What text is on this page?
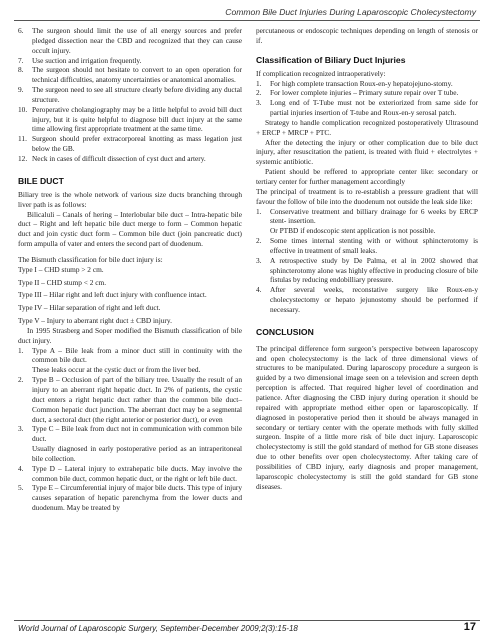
Common Bile Duct Injuries During Laparoscopic Cholecystectomy
6. The surgeon should limit the use of all energy sources and prefer pledged dissection near the CBD and recognized that they can cause occult injury.
7. Use suction and irrigation frequently.
8. The surgeon should not hesitate to convert to an open operation for technical difficulties, anatomy uncertainties or anatomical anomalies.
9. The surgeon need to see all structure clearly before dividing any ductal structure.
10. Peroperative cholangiography may be a little helpful to avoid bill duct injury, but it is quite helpful to diagnose bill duct injury at the same time allowing first appropriate treatment at the same time.
11. Surgeon should prefer extracorporeal knotting as mass legation just below the GB.
12. Neck in cases of difficult dissection of cyst duct and artery.
BILE DUCT

Biliary tree is the whole network of various size ducts branching through liver path is as follows:

Bilicaluli – Canals of hering – Interlobular bile duct – Intra-hepatic bile duct – Right and left hepatic bile duct merge to form – Common hepatic duct and join cystic duct form – Common bile duct (join pancreatic duct) form ampulla of vater and enters the second part of duodenum.

The Bismuth classification for bile duct injury is:

Type I – CHD stump > 2 cm.

Type II – CHD stump < 2 cm.

Type III – Hilar right and left duct injury with confluence intact.

Type IV – Hilar separation of right and left duct.

Type V – Injury to aberrant right duct ± CBD injury.

In 1995 Strasberg and Soper modified the Bismuth classification of bile duct injury.

1. Type A – Bile leak from a minor duct still in continuity with the common bile duct.
These leaks occur at the cystic duct or from the liver bed.
2. Type B – Occlusion of part of the biliary tree. Usually the result of an injury to an aberrant right hepatic duct. In 2% of patients, the cystic duct enters a right hepatic duct rather than the common bile duct–Common hepatic duct junction. The aberrant duct may be a segmental duct, a sectoral duct (the right anterior or posterior duct), or even
3. Type C – Bile leak from duct not in communication with common bile duct.
Usually diagnosed in early postoperative period as an intraperitoneal bile collection.
4. Type D – Lateral injury to extrahepatic bile ducts. May involve the common bile duct, common hepatic duct, or the right or left bile duct.
5. Type E – Circumferential injury of major bile ducts. This type of injury causes separation of hepatic parenchyma from the lower ducts and duodenum. May be treated by

percutaneous or endoscopic techniques depending on length of stenosis or if.

Classification of Biliary Duct Injuries

If complication recognized intraoperatively:

1. For high complete transaction Roux-en-y hepatojejuno-stomy.
2. For lower complete injuries – Primary suture repair over T tube.
3. Long end of T-Tube must not be exteriorized from same side for partial injuries insertion of T-tube and Roux-en-y serosal patch.

Strategy to handle complication recognized postoperatively Ultrasound + ERCP + MRCP + PTC.

After the detecting the injury or other complication due to bile duct injury, after resuscitation the patient, is treated with fluid + electrolytes + systemic antibiotic.

Patient should be reffered to appropriate center like: secondary or tertiary center for further management accordingly

The principal of treatment is to re-establish a pressure gradient that will favour the follow of bile into the duodenum not outside the leak side like:

1. Conservative treatment and billiary drainage for 6 weeks by ERCP stent- insertion.
Or PTBD if endoscopic stent application is not possible.
2. Some times internal stenting with or without sphincterotomy is effective in treatment of small leaks.
3. A retrospective study by De Palma, et al in 2002 showed that sphincterotomy alone was highly effective in producing closure of bile fistulas by reducing endobilliary pressure.
4. After several weeks, reconstative surgery like Roux-en-y cholecystectomy or hepato jejunostomy should be performed if necessary.
CONCLUSION

The principal difference form surgeon’s perspective between laparoscopy and open cholecystectomy is the lack of three dimensional views of structures to be manipulated. During laparoscopy procedure a surgeon is guided by a two dimensional image seen on a television and screen depth perception is affected. That required higher level of coordination and patience. After diagnosing the CBD injury during operation it should be repaired with appropriate method either open or laparoscopically. If diagnosed in postoperative period then it should be always managed in secondary or tertiary center with the operate methods with fully skilled surgeon. Inspite of a little more risk of bile duct injury. Laparoscopic cholecystectomy is still the gold standard of method for GB stone diseases due to other benefits over open cholecystectomy. After taking care of possibilities of CBD injury, early diagnosis and proper management, laparoscopic cholecystectomy is still the gold standard for GB stone diseases.

World Journal of Laparoscopic Surgery, September-December 2009;2(3):15-18	17
